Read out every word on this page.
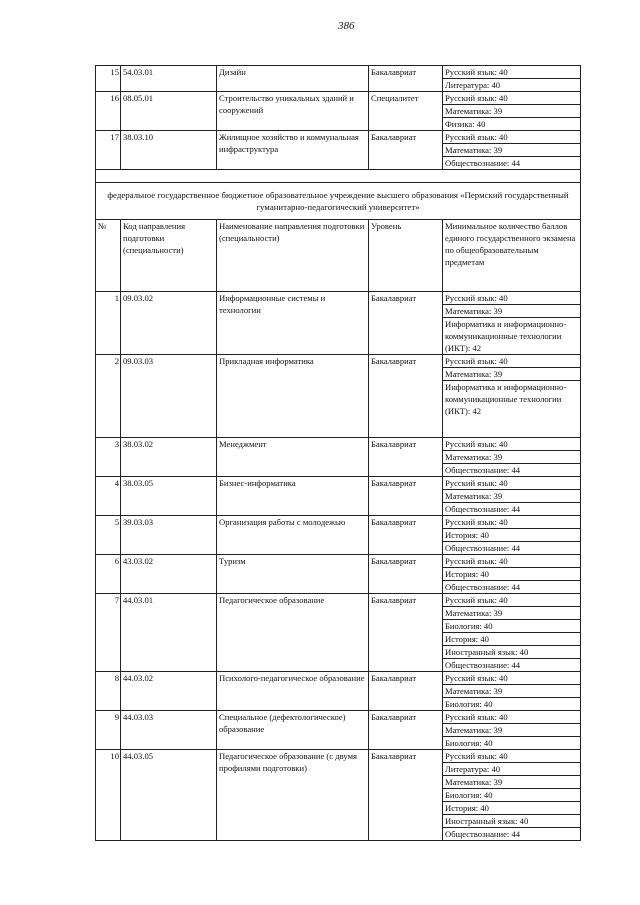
386
15	54.03.01	Дизайн	Бакалавриат	Русский язык: 40
				Литература: 40
16	08.05.01	Строительство уникальных зданий и сооружений	Специалитет	Русский язык: 40
				Математика: 39
				Физика: 40
17	38.03.10	Жилищное хозяйство и коммунальная инфраструктура	Бакалавриат	Русский язык: 40
				Математика: 39
				Обществознание: 44

федеральное государственное бюджетное образовательное учреждение высшего образования «Пермский государственный гуманитарно-педагогический университет»				
№	Код направления подготовки (специальности)	Наименование направления подготовки (специальности)	Уровень	Минимальное количество баллов единого государственного экзамена по общеобразовательным предметам
1	09.03.02	Информационные системы и технологии	Бакалавриат	Русский язык: 40
				Математика: 39
				Информатика и информационно-коммуникационные технологии (ИКТ): 42
2	09.03.03	Прикладная информатика	Бакалавриат	Русский язык: 40
				Математика: 39
				Информатика и информационно-коммуникационные технологии (ИКТ): 42
3	38.03.02	Менеджмент	Бакалавриат	Русский язык: 40
				Математика: 39
				Обществознание: 44
4	38.03.05	Бизнес-информатика	Бакалавриат	Русский язык: 40
				Математика: 39
				Обществознание: 44
5	39.03.03	Организация работы с молодежью	Бакалавриат	Русский язык: 40
				История: 40
				Обществознание: 44
6	43.03.02	Туризм	Бакалавриат	Русский язык: 40
				История: 40
				Обществознание: 44
7	44.03.01	Педагогическое образование	Бакалавриат	Русский язык: 40
				Математика: 39
				Биология: 40
				История: 40
				Иностранный язык: 40
				Обществознание: 44
8	44.03.02	Психолого-педагогическое образование	Бакалавриат	Русский язык: 40
				Математика: 39
				Биология: 40
9	44.03.03	Специальное (дефектологическое) образование	Бакалавриат	Русский язык: 40
				Математика: 39
				Биология: 40
10	44.03.05	Педагогическое образование (с двумя профилями подготовки)	Бакалавриат	Русский язык: 40
				Литература: 40
				Математика: 39
				Биология: 40
				История: 40
				Иностранный язык: 40
				Обществознание: 44
